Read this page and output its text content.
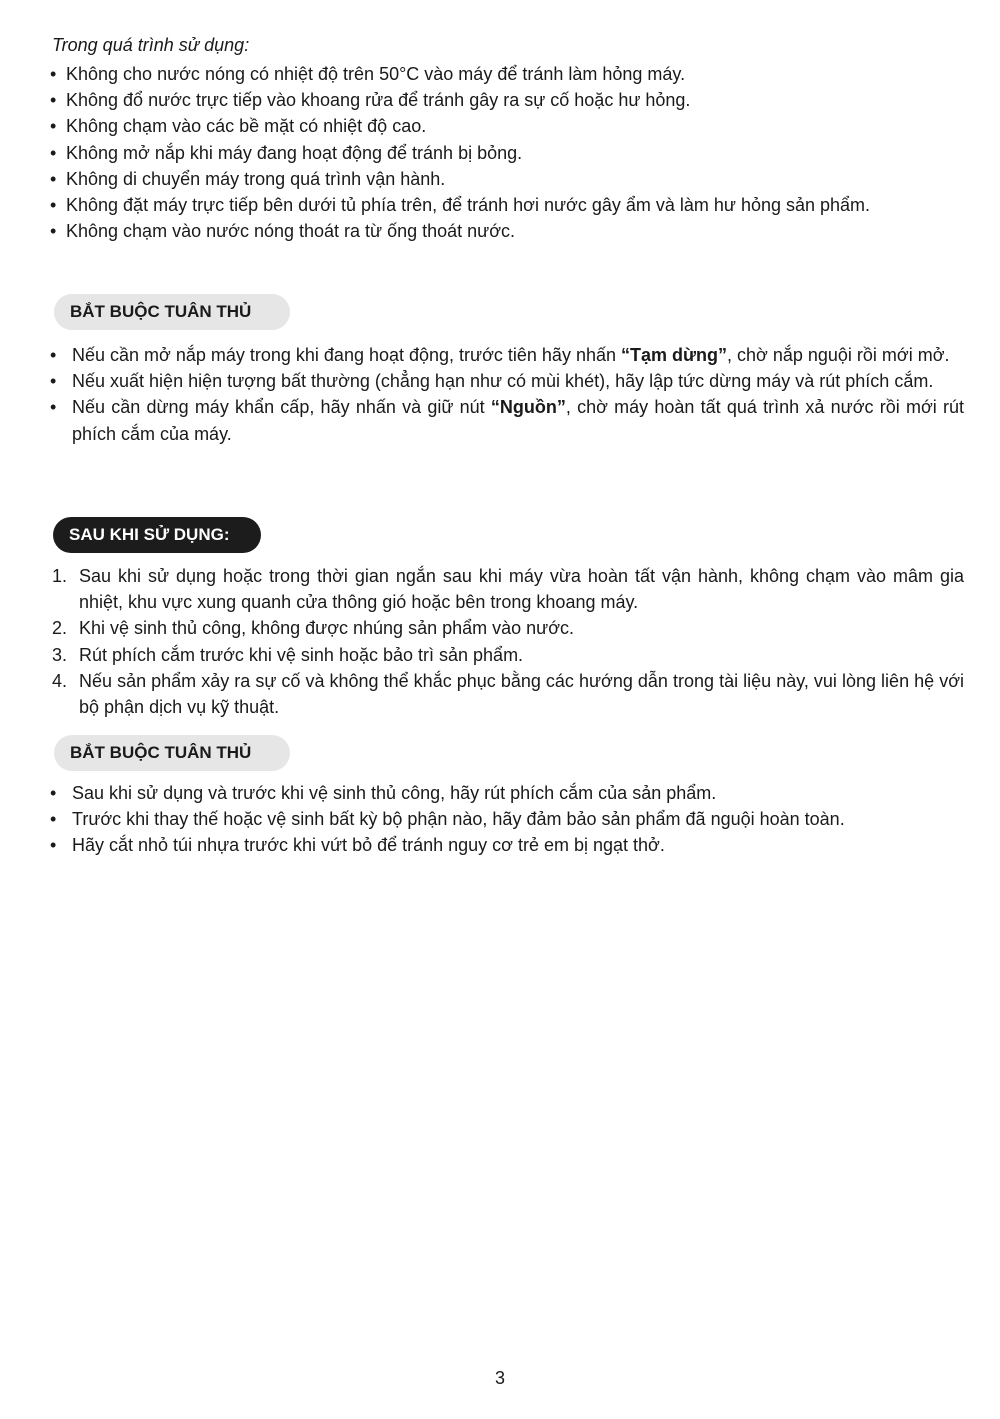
Trong quá trình sử dụng:
• Không cho nước nóng có nhiệt độ trên 50°C vào máy để tránh làm hỏng máy.
• Không đổ nước trực tiếp vào khoang rửa để tránh gây ra sự cố hoặc hư hỏng.
• Không chạm vào các bề mặt có nhiệt độ cao.
• Không mở nắp khi máy đang hoạt động để tránh bị bỏng.
• Không di chuyển máy trong quá trình vận hành.
• Không đặt máy trực tiếp bên dưới tủ phía trên, để tránh hơi nước gây ẩm và làm hư hỏng sản phẩm.
• Không chạm vào nước nóng thoát ra từ ống thoát nước.
BẮT BUỘC TUÂN THỦ
• Nếu cần mở nắp máy trong khi đang hoạt động, trước tiên hãy nhấn “Tạm dừng”, chờ nắp nguội rồi mới mở.
• Nếu xuất hiện hiện tượng bất thường (chẳng hạn như có mùi khét), hãy lập tức dừng máy và rút phích cắm.
• Nếu cần dừng máy khẩn cấp, hãy nhấn và giữ nút “Nguồn”, chờ máy hoàn tất quá trình xả nước rồi mới rút phích cắm của máy.
SAU KHI SỬ DỤNG:
1. Sau khi sử dụng hoặc trong thời gian ngắn sau khi máy vừa hoàn tất vận hành, không chạm vào mâm gia nhiệt, khu vực xung quanh cửa thông gió hoặc bên trong khoang máy.
2. Khi vệ sinh thủ công, không được nhúng sản phẩm vào nước.
3. Rút phích cắm trước khi vệ sinh hoặc bảo trì sản phẩm.
4. Nếu sản phẩm xảy ra sự cố và không thể khắc phục bằng các hướng dẫn trong tài liệu này, vui lòng liên hệ với bộ phận dịch vụ kỹ thuật.
BẮT BUỘC TUÂN THỦ
• Sau khi sử dụng và trước khi vệ sinh thủ công, hãy rút phích cắm của sản phẩm.
• Trước khi thay thế hoặc vệ sinh bất kỳ bộ phận nào, hãy đảm bảo sản phẩm đã nguội hoàn toàn.
• Hãy cắt nhỏ túi nhựa trước khi vứt bỏ để tránh nguy cơ trẻ em bị ngạt thở.
3
